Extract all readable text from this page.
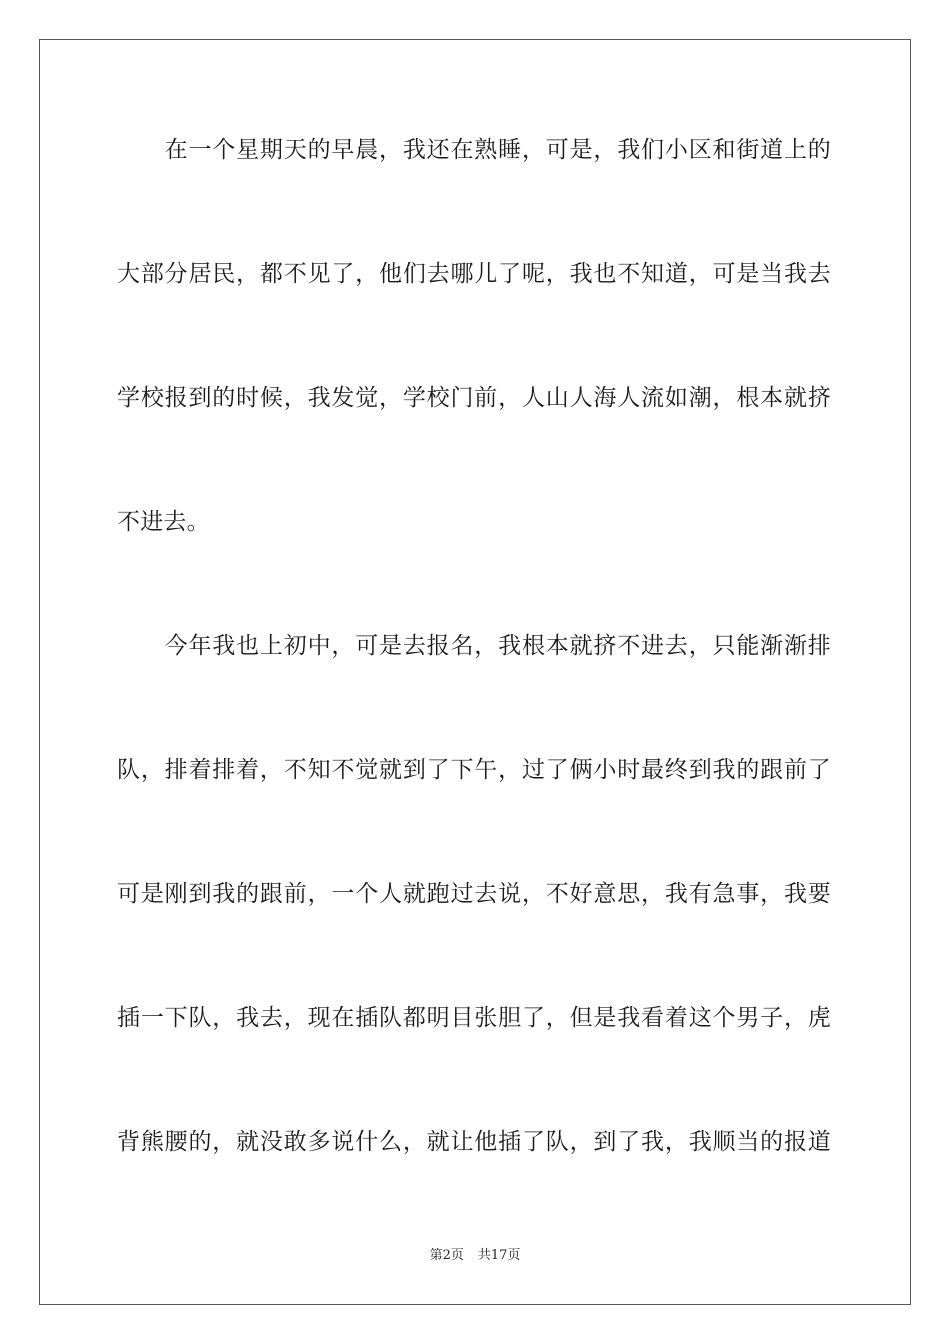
　　在一个星期天的早晨，我还在熟睡，可是，我们小区和街道上的
大部分居民，都不见了，他们去哪儿了呢，我也不知道，可是当我去
学校报到的时候，我发觉，学校门前，人山人海人流如潮，根本就挤
不进去。
　　今年我也上初中，可是去报名，我根本就挤不进去，只能渐渐排
队，排着排着，不知不觉就到了下午，过了俩小时最终到我的跟前了
可是刚到我的跟前，一个人就跑过去说，不好意思，我有急事，我要
插一下队，我去，现在插队都明目张胆了，但是我看着这个男子，虎
背熊腰的，就没敢多说什么，就让他插了队，到了我，我顺当的报道
第2页 共17页
